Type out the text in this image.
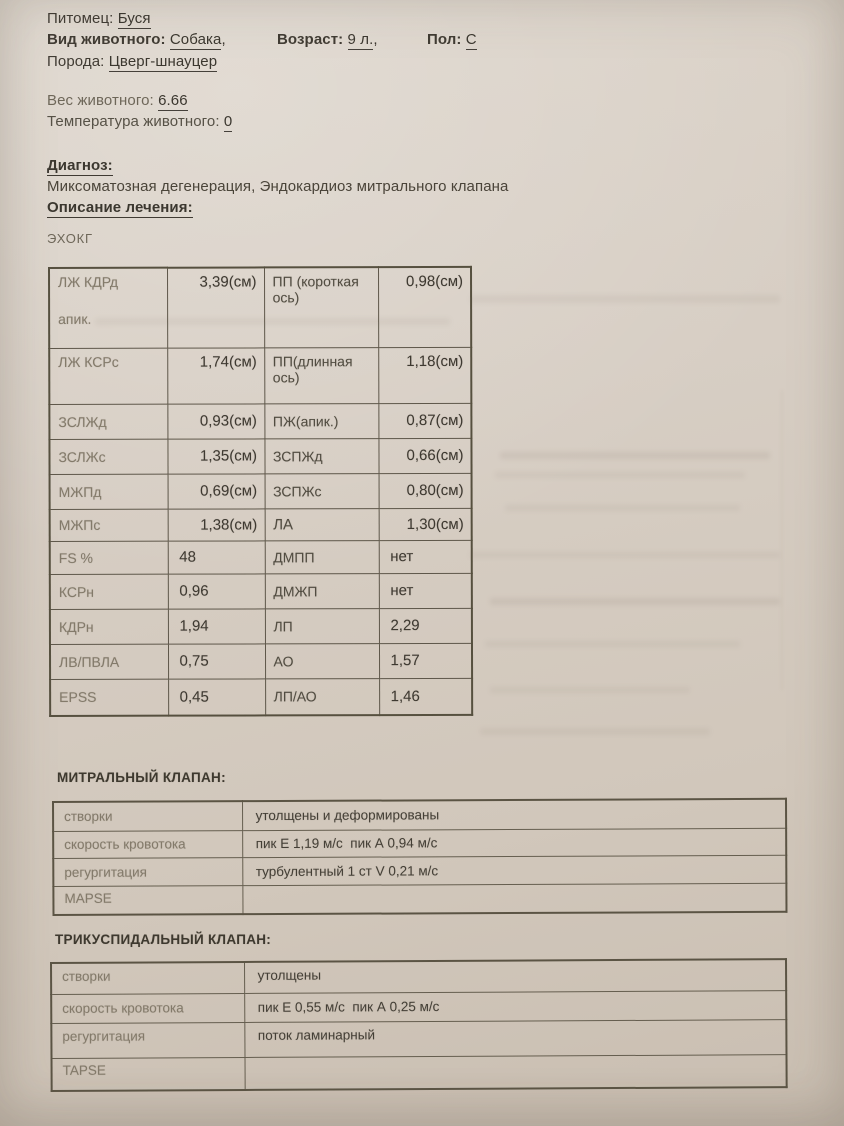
Питомец: Буся
Вид животного: Собака,	Возраст: 9 л.,	Пол: С
Порода: Цверг-шнауцер
Вес животного: 6.66
Температура животного: 0
Диагноз:
Миксоматозная дегенерация, Эндокардиоз митрального клапана
Описание лечения:
ЭХОКГ
ЛЖ КДРд
апик.	3,39(см)	ПП (короткая ось)	0,98(см)
ЛЖ КСРс	1,74(см)	ПП(длинная ось)	1,18(см)
ЗСЛЖд	0,93(см)	ПЖ(апик.)	0,87(см)
ЗСЛЖс	1,35(см)	ЗСПЖд	0,66(см)
МЖПд	0,69(см)	ЗСПЖс	0,80(см)
МЖПс	1,38(см)	ЛА	1,30(см)
FS %	48	ДМПП	нет
КСРн	0,96	ДМЖП	нет
КДРн	1,94	ЛП	2,29
ЛВ/ПВЛА	0,75	АО	1,57
EPSS	0,45	ЛП/АО	1,46
МИТРАЛЬНЫЙ КЛАПАН:
створки	утолщены и деформированы
скорость кровотока	пик Е 1,19 м/с  пик А 0,94 м/с
регургитация	турбулентный 1 ст V 0,21 м/с
MAPSE	
ТРИКУСПИДАЛЬНЫЙ КЛАПАН:
створки	утолщены
скорость кровотока	пик Е 0,55 м/с  пик А 0,25 м/с
регургитация	поток ламинарный
TAPSE	
